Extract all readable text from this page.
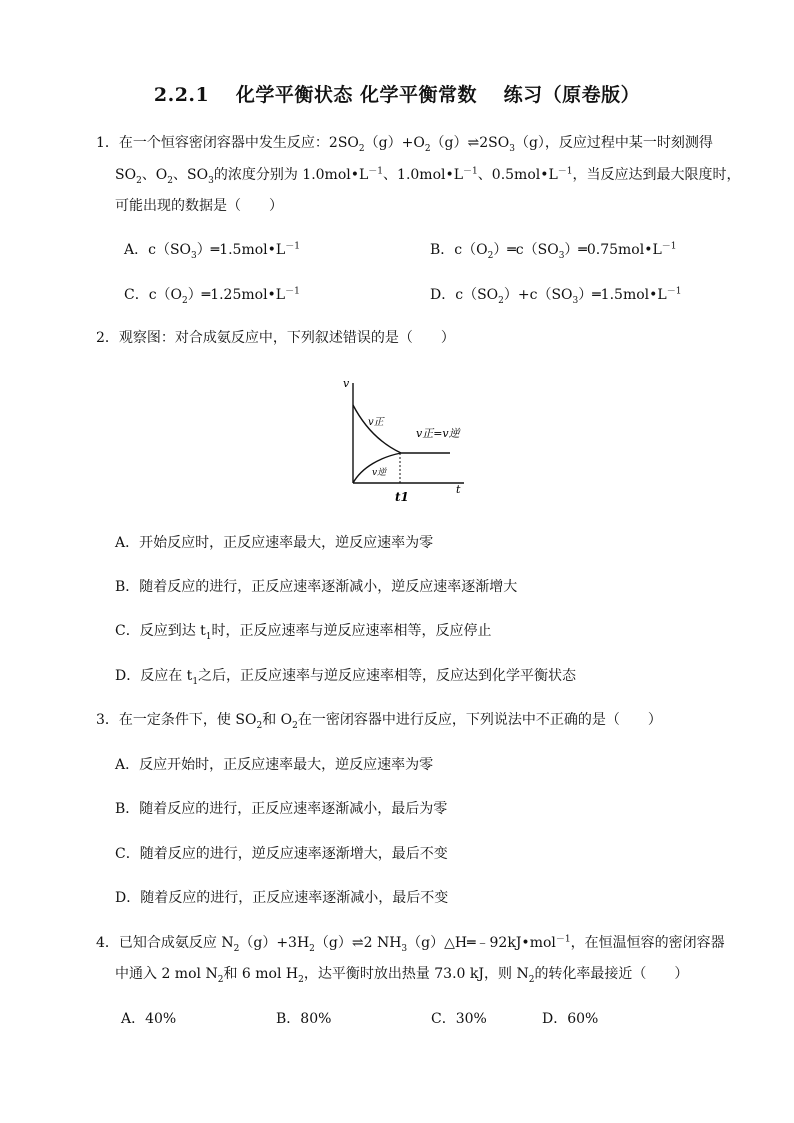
2.2.1　 化学平衡状态 化学平衡常数　 练习（原卷版）
1．在一个恒容密闭容器中发生反应：$2SO_2(g)+O_2(g)\rightleftharpoons 2SO_3(g)$，反应过程中某一时刻测得
$SO_2$、$O_2$、$SO_3$的浓度分别为 $1.0mol•L^{-1}$、$1.0mol•L^{-1}$、$0.5mol•L^{-1}$，当反应达到最大限度时，
可能出现的数据是（　　）
A．$c(SO_3)═1.5mol•L^{-1}$	B．$c(O_2)═c(SO_3)═0.75mol•L^{-1}$
C．$c(O_2)═1.25mol•L^{-1}$	D．$c(SO_2)+c(SO_3)═1.5mol•L^{-1}$
2．观察图：对合成氨反应中，下列叙述错误的是（　　）
v
t
v正
v逆
v正=v逆
t1
A．开始反应时，正反应速率最大，逆反应速率为零
B．随着反应的进行，正反应速率逐渐减小，逆反应速率逐渐增大
C．反应到达 $t_1$时，正反应速率与逆反应速率相等，反应停止
D．反应在 $t_1$之后，正反应速率与逆反应速率相等，反应达到化学平衡状态
3．在一定条件下，使 $SO_2$和 $O_2$在一密闭容器中进行反应，下列说法中不正确的是（　　）
A．反应开始时，正反应速率最大，逆反应速率为零
B．随着反应的进行，正反应速率逐渐减小，最后为零
C．随着反应的进行，逆反应速率逐渐增大，最后不变
D．随着反应的进行，正反应速率逐渐减小，最后不变
4．已知合成氨反应 $N_2(g)+3H_2(g)\rightleftharpoons 2$ $NH_3(g)\triangle H═﹣92kJ•mol^{-1}$，在恒温恒容的密闭容器
中通入 2 mol $N_2$和 6 mol $H_2$，达平衡时放出热量 73.0 kJ，则 $N_2$的转化率最接近（　　）
A．40%	B．80%	C．30%	D．60%
